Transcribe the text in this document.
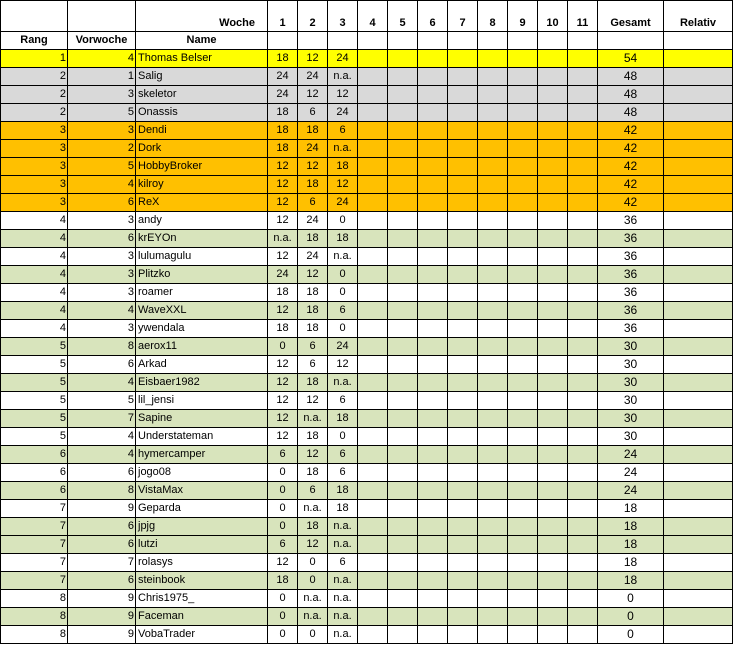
		Woche	1	2	3	4	5	6	7	8	9	10	11	Gesamt	Relativ
Rang	Vorwoche	Name													
1	4	Thomas Belser	18	12	24									54	
2	1	Salig	24	24	n.a.									48	
2	3	skeletor	24	12	12									48	
2	5	Onassis	18	6	24									48	
3	3	Dendi	18	18	6									42	
3	2	Dork	18	24	n.a.									42	
3	5	HobbyBroker	12	12	18									42	
3	4	kilroy	12	18	12									42	
3	6	ReX	12	6	24									42	
4	3	andy	12	24	0									36	
4	6	krEYOn	n.a.	18	18									36	
4	3	lulumagulu	12	24	n.a.									36	
4	3	Plitzko	24	12	0									36	
4	3	roamer	18	18	0									36	
4	4	WaveXXL	12	18	6									36	
4	3	ywendala	18	18	0									36	
5	8	aerox11	0	6	24									30	
5	6	Arkad	12	6	12									30	
5	4	Eisbaer1982	12	18	n.a.									30	
5	5	lil_jensi	12	12	6									30	
5	7	Sapine	12	n.a.	18									30	
5	4	Understateman	12	18	0									30	
6	4	hymercamper	6	12	6									24	
6	6	jogo08	0	18	6									24	
6	8	VistaMax	0	6	18									24	
7	9	Geparda	0	n.a.	18									18	
7	6	jpjg	0	18	n.a.									18	
7	6	lutzi	6	12	n.a.									18	
7	7	rolasys	12	0	6									18	
7	6	steinbook	18	0	n.a.									18	
8	9	Chris1975_	0	n.a.	n.a.									0	
8	9	Faceman	0	n.a.	n.a.									0	
8	9	VobaTrader	0	0	n.a.									0	
